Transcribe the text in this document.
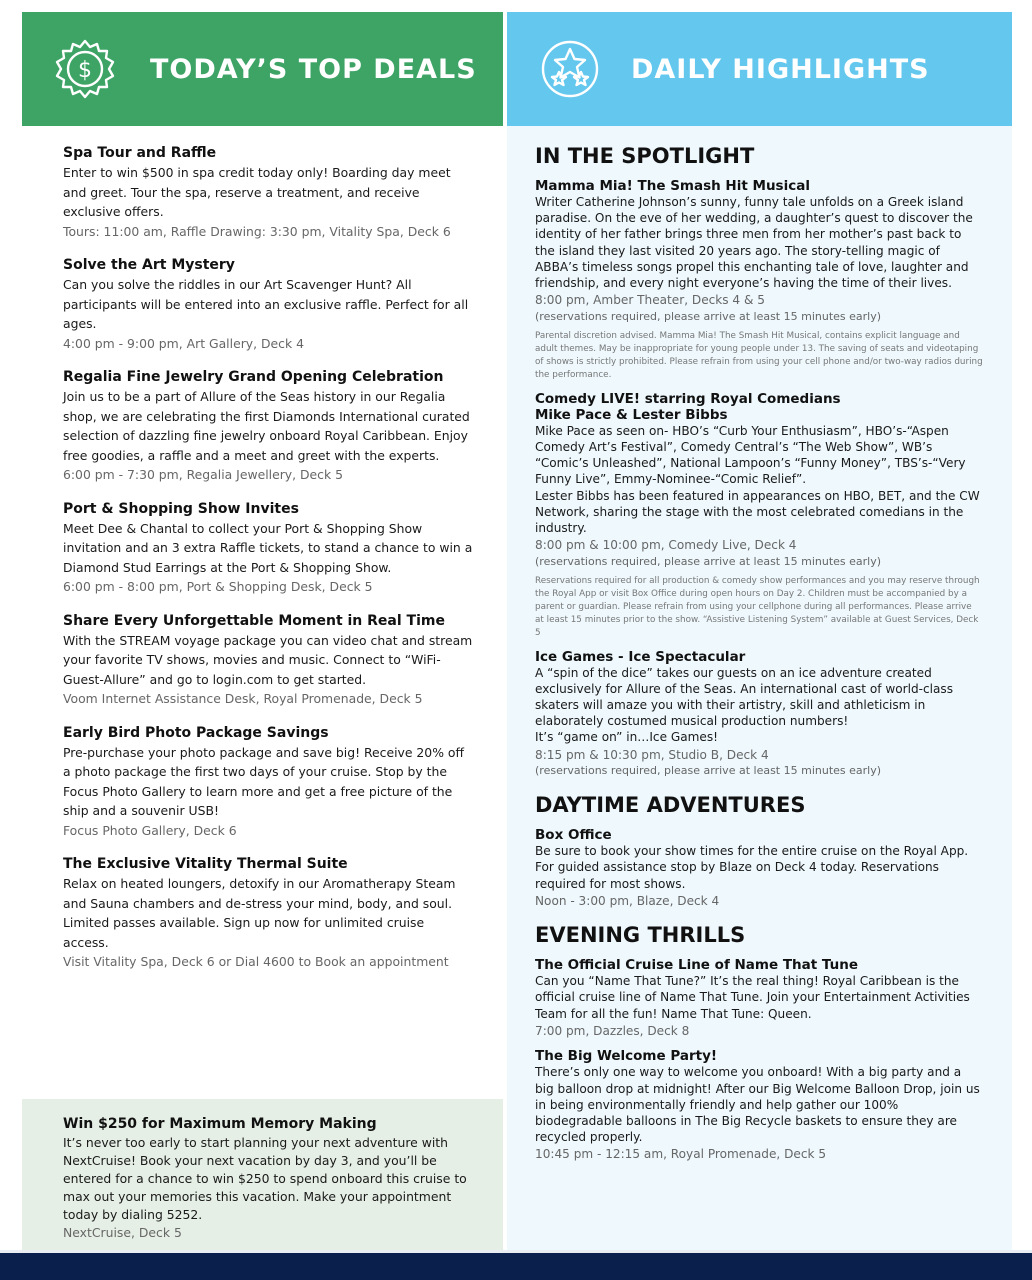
$ TODAY’S TOP DEALS
Spa Tour and Raffle
Enter to win $500 in spa credit today only! Boarding day meet and greet. Tour the spa, reserve a treatment, and receive exclusive offers.
Tours: 11:00 am, Raffle Drawing: 3:30 pm, Vitality Spa, Deck 6
Solve the Art Mystery
Can you solve the riddles in our Art Scavenger Hunt? All participants will be entered into an exclusive raffle. Perfect for all ages.
4:00 pm - 9:00 pm, Art Gallery, Deck 4
Regalia Fine Jewelry Grand Opening Celebration
Join us to be a part of Allure of the Seas history in our Regalia shop, we are celebrating the first Diamonds International curated selection of dazzling fine jewelry onboard Royal Caribbean. Enjoy free goodies, a raffle and a meet and greet with the experts.
6:00 pm - 7:30 pm, Regalia Jewellery, Deck 5
Port & Shopping Show Invites
Meet Dee & Chantal to collect your Port & Shopping Show invitation and an 3 extra Raffle tickets, to stand a chance to win a Diamond Stud Earrings at the Port & Shopping Show.
6:00 pm - 8:00 pm, Port & Shopping Desk, Deck 5
Share Every Unforgettable Moment in Real Time
With the STREAM voyage package you can video chat and stream your favorite TV shows, movies and music. Connect to “WiFi-Guest-Allure” and go to login.com to get started.
Voom Internet Assistance Desk, Royal Promenade, Deck 5
Early Bird Photo Package Savings
Pre-purchase your photo package and save big! Receive 20% off a photo package the first two days of your cruise. Stop by the Focus Photo Gallery to learn more and get a free picture of the ship and a souvenir USB!
Focus Photo Gallery, Deck 6
The Exclusive Vitality Thermal Suite
Relax on heated loungers, detoxify in our Aromatherapy Steam and Sauna chambers and de-stress your mind, body, and soul. Limited passes available. Sign up now for unlimited cruise access.
Visit Vitality Spa, Deck 6 or Dial 4600 to Book an appointment
Win $250 for Maximum Memory Making
It’s never too early to start planning your next adventure with NextCruise! Book your next vacation by day 3, and you’ll be entered for a chance to win $250 to spend onboard this cruise to max out your memories this vacation. Make your appointment today by dialing 5252.
NextCruise, Deck 5
DAILY HIGHLIGHTS
IN THE SPOTLIGHT
Mamma Mia! The Smash Hit Musical
Writer Catherine Johnson’s sunny, funny tale unfolds on a Greek island paradise. On the eve of her wedding, a daughter’s quest to discover the identity of her father brings three men from her mother’s past back to the island they last visited 20 years ago. The story-telling magic of ABBA’s timeless songs propel this enchanting tale of love, laughter and friendship, and every night everyone’s having the time of their lives.
8:00 pm, Amber Theater, Decks 4 & 5
(reservations required, please arrive at least 15 minutes early)
Parental discretion advised. Mamma Mia! The Smash Hit Musical, contains explicit language and adult themes. May be inappropriate for young people under 13. The saving of seats and videotaping of shows is strictly prohibited. Please refrain from using your cell phone and/or two-way radios during the performance.
Comedy LIVE! starring Royal Comedians
Mike Pace & Lester Bibbs
Mike Pace as seen on- HBO’s “Curb Your Enthusiasm”, HBO’s-“Aspen Comedy Art’s Festival”, Comedy Central’s “The Web Show”, WB’s “Comic’s Unleashed”, National Lampoon’s “Funny Money”, TBS’s-“Very Funny Live”, Emmy-Nominee-“Comic Relief”.
Lester Bibbs has been featured in appearances on HBO, BET, and the CW Network, sharing the stage with the most celebrated comedians in the industry.
8:00 pm & 10:00 pm, Comedy Live, Deck 4
(reservations required, please arrive at least 15 minutes early)
Reservations required for all production & comedy show performances and you may reserve through the Royal App or visit Box Office during open hours on Day 2. Children must be accompanied by a parent or guardian. Please refrain from using your cellphone during all performances. Please arrive at least 15 minutes prior to the show. “Assistive Listening System” available at Guest Services, Deck 5
Ice Games - Ice Spectacular
A “spin of the dice” takes our guests on an ice adventure created exclusively for Allure of the Seas. An international cast of world-class skaters will amaze you with their artistry, skill and athleticism in elaborately costumed musical production numbers!
It’s “game on” in…Ice Games!
8:15 pm & 10:30 pm, Studio B, Deck 4
(reservations required, please arrive at least 15 minutes early)
DAYTIME ADVENTURES
Box Office
Be sure to book your show times for the entire cruise on the Royal App. For guided assistance stop by Blaze on Deck 4 today. Reservations required for most shows.
Noon - 3:00 pm, Blaze, Deck 4
EVENING THRILLS
The Official Cruise Line of Name That Tune
Can you “Name That Tune?” It’s the real thing! Royal Caribbean is the official cruise line of Name That Tune. Join your Entertainment Activities Team for all the fun! Name That Tune: Queen.
7:00 pm, Dazzles, Deck 8
The Big Welcome Party!
There’s only one way to welcome you onboard! With a big party and a big balloon drop at midnight! After our Big Welcome Balloon Drop, join us in being environmentally friendly and help gather our 100% biodegradable balloons in The Big Recycle baskets to ensure they are recycled properly.
10:45 pm - 12:15 am, Royal Promenade, Deck 5
